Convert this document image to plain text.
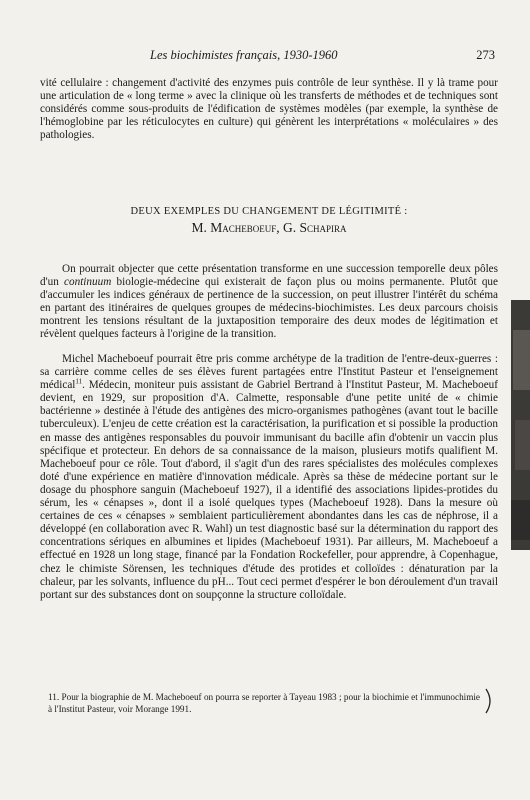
Les biochimistes français, 1930-1960	273

vité cellulaire : changement d'activité des enzymes puis contrôle de leur synthèse. Il y là trame pour une articulation de « long terme » avec la clinique où les transferts de méthodes et de techniques sont considérés comme sous-produits de l'édification de systèmes modèles (par exemple, la synthèse de l'hémoglobine par les réticulocytes en culture) qui génèrent les interprétations « moléculaires » des pathologies.

DEUX EXEMPLES DU CHANGEMENT DE LÉGITIMITÉ :
M. Macheboeuf, G. Schapira

On pourrait objecter que cette présentation transforme en une succession temporelle deux pôles d'un continuum biologie-médecine qui existerait de façon plus ou moins permanente. Plutôt que d'accumuler les indices généraux de pertinence de la succession, on peut illustrer l'intérêt du schéma en partant des itinéraires de quelques groupes de médecins-biochimistes. Les deux parcours choisis montrent les tensions résultant de la juxtaposition temporaire des deux modes de légitimation et révèlent quelques facteurs à l'origine de la transition.

Michel Macheboeuf pourrait être pris comme archétype de la tradition de l'entre-deux-guerres : sa carrière comme celles de ses élèves furent partagées entre l'Institut Pasteur et l'enseignement médical$^{11}$. Médecin, moniteur puis assistant de Gabriel Bertrand à l'Institut Pasteur, M. Macheboeuf devient, en 1929, sur proposition d'A. Calmette, responsable d'une petite unité de « chimie bactérienne » destinée à l'étude des antigènes des micro-organismes pathogènes (avant tout le bacille tuberculeux). L'enjeu de cette création est la caractérisation, la purification et si possible la production en masse des antigènes responsables du pouvoir immunisant du bacille afin d'obtenir un vaccin plus spécifique et protecteur. En dehors de sa connaissance de la maison, plusieurs motifs qualifient M. Macheboeuf pour ce rôle. Tout d'abord, il s'agit d'un des rares spécialistes des molécules complexes doté d'une expérience en matière d'innovation médicale. Après sa thèse de médecine portant sur le dosage du phosphore sanguin (Macheboeuf 1927), il a identifié des associations lipides-protides du sérum, les « cénapses », dont il a isolé quelques types (Macheboeuf 1928). Dans la mesure où certaines de ces « cénapses » semblaient particulièrement abondantes dans les cas de néphrose, il a développé (en collaboration avec R. Wahl) un test diagnostic basé sur la détermination du rapport des concentrations sériques en albumines et lipides (Macheboeuf 1931). Par ailleurs, M. Macheboeuf a effectué en 1928 un long stage, financé par la Fondation Rockefeller, pour apprendre, à Copenhague, chez le chimiste Sörensen, les techniques d'étude des protides et colloïdes : dénaturation par la chaleur, par les solvants, influence du pH... Tout ceci permet d'espérer le bon déroulement d'un travail portant sur des substances dont on soupçonne la structure colloïdale.

11. Pour la biographie de M. Macheboeuf on pourra se reporter à Tayeau 1983 ; pour la biochimie et l'immunochimie à l'Institut Pasteur, voir Morange 1991.
